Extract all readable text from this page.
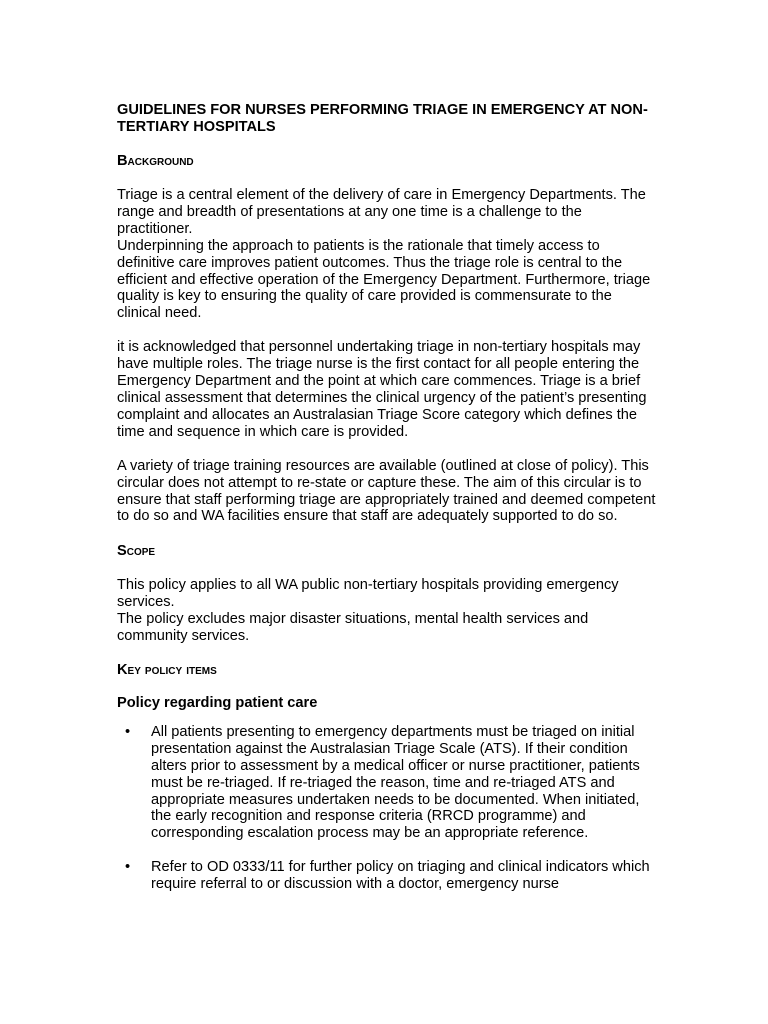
GUIDELINES FOR NURSES PERFORMING TRIAGE IN EMERGENCY AT NON-TERTIARY HOSPITALS

Background

Triage is a central element of the delivery of care in Emergency Departments. The range and breadth of presentations at any one time is a challenge to the practitioner.

Underpinning the approach to patients is the rationale that timely access to definitive care improves patient outcomes. Thus the triage role is central to the efficient and effective operation of the Emergency Department. Furthermore, triage quality is key to ensuring the quality of care provided is commensurate to the clinical need.

it is acknowledged that personnel undertaking triage in non-tertiary hospitals may have multiple roles. The triage nurse is the first contact for all people entering the Emergency Department and the point at which care commences. Triage is a brief clinical assessment that determines the clinical urgency of the patient’s presenting complaint and allocates an Australasian Triage Score category which defines the time and sequence in which care is provided.

A variety of triage training resources are available (outlined at close of policy). This circular does not attempt to re-state or capture these. The aim of this circular is to ensure that staff performing triage are appropriately trained and deemed competent to do so and WA facilities ensure that staff are adequately supported to do so.

Scope

This policy applies to all WA public non-tertiary hospitals providing emergency services.

The policy excludes major disaster situations, mental health services and community services.

Key policy items

Policy regarding patient care

• All patients presenting to emergency departments must be triaged on initial presentation against the Australasian Triage Scale (ATS). If their condition alters prior to assessment by a medical officer or nurse practitioner, patients must be re-triaged. If re-triaged the reason, time and re-triaged ATS and appropriate measures undertaken needs to be documented. When initiated, the early recognition and response criteria (RRCD programme) and corresponding escalation process may be an appropriate reference.
• Refer to OD 0333/11 for further policy on triaging and clinical indicators which require referral to or discussion with a doctor, emergency nurse
